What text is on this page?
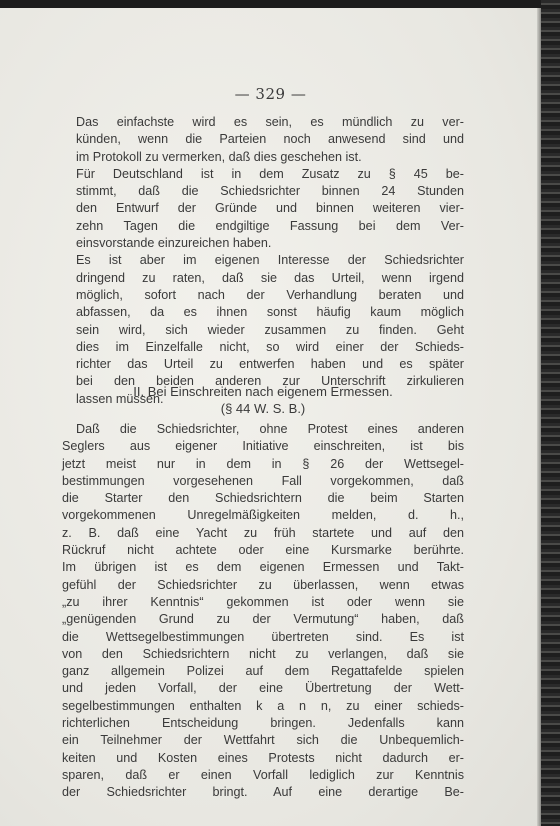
— 329 —

Das einfachste wird es sein, es mündlich zu ver-
künden, wenn die Parteien noch anwesend sind und
im Protokoll zu vermerken, daß dies geschehen ist.

Für Deutschland ist in dem Zusatz zu § 45 be-
stimmt, daß die Schiedsrichter binnen 24 Stunden
den Entwurf der Gründe und binnen weiteren vier-
zehn Tagen die endgiltige Fassung bei dem Ver-
einsvorstande einzureichen haben.

Es ist aber im eigenen Interesse der Schiedsrichter
dringend zu raten, daß sie das Urteil, wenn irgend
möglich, sofort nach der Verhandlung beraten und
abfassen, da es ihnen sonst häufig kaum möglich
sein wird, sich wieder zusammen zu finden. Geht
dies im Einzelfalle nicht, so wird einer der Schieds-
richter das Urteil zu entwerfen haben und es später
bei den beiden anderen zur Unterschrift zirkulieren
lassen müssen.

II. Bei Einschreiten nach eigenem Ermessen.
(§ 44 W. S. B.)

Daß die Schiedsrichter, ohne Protest eines anderen
Seglers aus eigener Initiative einschreiten, ist bis
jetzt meist nur in dem in § 26 der Wettsegel-
bestimmungen vorgesehenen Fall vorgekommen, daß
die Starter den Schiedsrichtern die beim Starten
vorgekommenen Unregelmäßigkeiten melden, d. h.,
z. B. daß eine Yacht zu früh startete und auf den
Rückruf nicht achtete oder eine Kursmarke berührte.
Im übrigen ist es dem eigenen Ermessen und Takt-
gefühl der Schiedsrichter zu überlassen, wenn etwas
„zu ihrer Kenntnis“ gekommen ist oder wenn sie
„genügenden Grund zu der Vermutung“ haben, daß
die Wettsegelbestimmungen übertreten sind. Es ist
von den Schiedsrichtern nicht zu verlangen, daß sie
ganz allgemein Polizei auf dem Regattafelde spielen
und jeden Vorfall, der eine Übertretung der Wett-
segelbestimmungen enthalten k a n n, zu einer schieds-
richterlichen Entscheidung bringen. Jedenfalls kann
ein Teilnehmer der Wettfahrt sich die Unbequemlich-
keiten und Kosten eines Protests nicht dadurch er-
sparen, daß er einen Vorfall lediglich zur Kenntnis
der Schiedsrichter bringt. Auf eine derartige Be-
